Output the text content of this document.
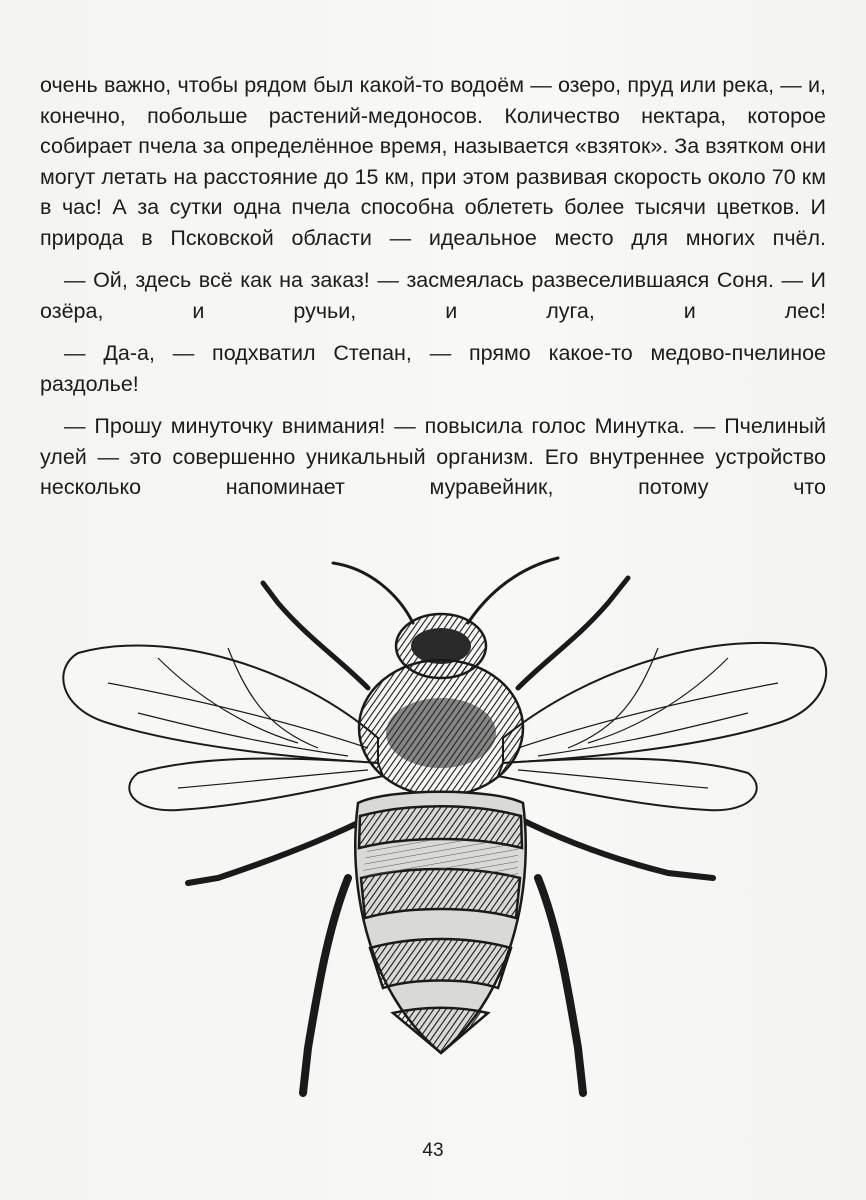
очень важно, чтобы рядом был какой-то водоём — озеро, пруд или река, — и, конечно, побольше растений-медоносов. Количество нектара, которое собирает пчела за определённое время, называется «взяток». За взятком они могут летать на расстояние до 15 км, при этом развивая скорость около 70 км в час! А за сутки одна пчела способна облететь более тысячи цветков. И природа в Псковской области — идеальное место для многих пчёл.

— Ой, здесь всё как на заказ! — засмеялась развеселившаяся Соня. — И озёра, и ручьи, и луга, и лес!

— Да-а, — подхватил Степан, — прямо какое-то медово-пчелиное раздолье!

— Прошу минуточку внимания! — повысила голос Минутка. — Пчелиный улей — это совершенно уникальный организм. Его внутреннее устройство несколько напоминает муравейник, потому что

43
